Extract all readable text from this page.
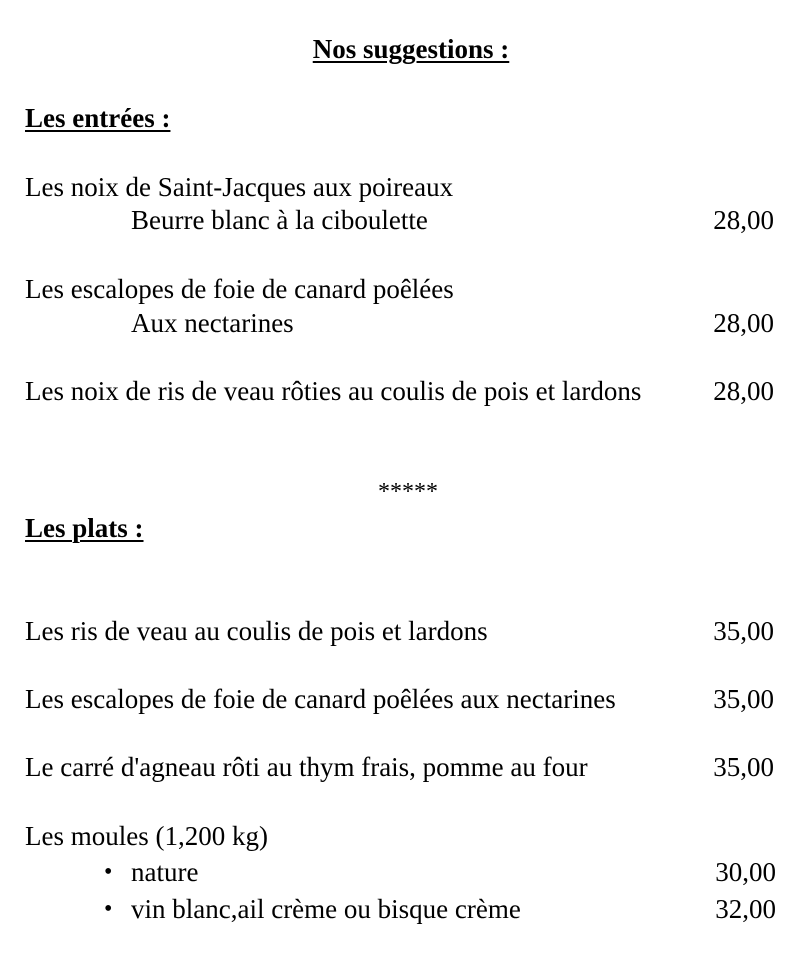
Nos suggestions :
Les entrées :
Les noix de Saint-Jacques aux poireaux
Beurre blanc à la ciboulette	28,00
Les escalopes de foie de canard poêlées
Aux nectarines	28,00
Les noix de ris de veau rôties au coulis de pois et lardons	28,00
*****
Les plats :
Les ris de veau au coulis de pois et lardons	35,00
Les escalopes de foie de canard poêlées aux nectarines	35,00
Le carré d'agneau rôti au thym frais, pomme au four	35,00
Les moules (1,200 kg)
• nature	30,00
• vin blanc,ail crème ou bisque crème	32,00
